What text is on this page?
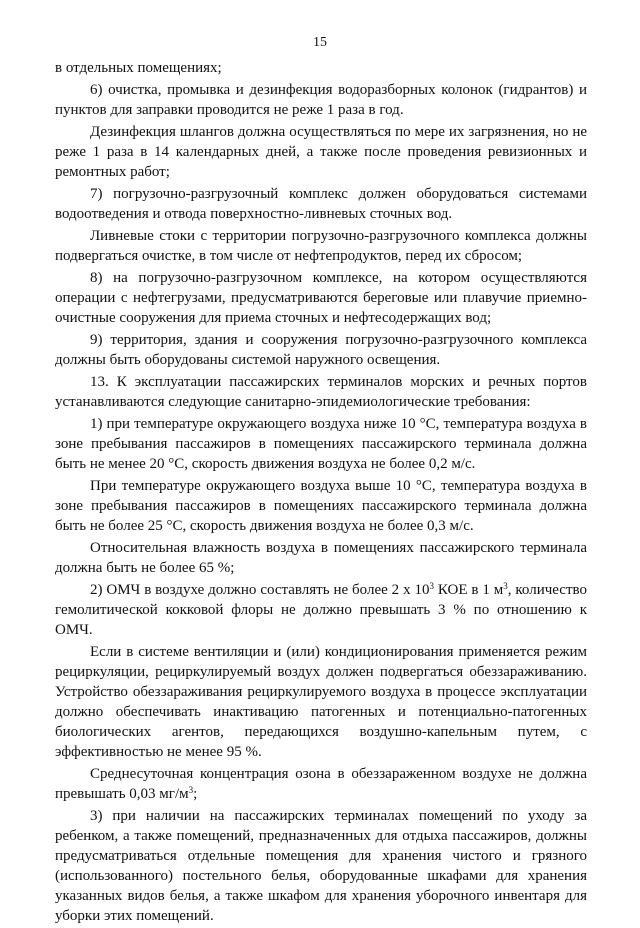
15

в отдельных помещениях;

6) очистка, промывка и дезинфекция водоразборных колонок (гидрантов) и пунктов для заправки проводится не реже 1 раза в год.

Дезинфекция шлангов должна осуществляться по мере их загрязнения, но не реже 1 раза в 14 календарных дней, а также после проведения ревизионных и ремонтных работ;

7) погрузочно-разгрузочный комплекс должен оборудоваться системами водоотведения и отвода поверхностно-ливневых сточных вод.

Ливневые стоки с территории погрузочно-разгрузочного комплекса должны подвергаться очистке, в том числе от нефтепродуктов, перед их сбросом;

8) на погрузочно-разгрузочном комплексе, на котором осуществляются операции с нефтегрузами, предусматриваются береговые или плавучие приемно-очистные сооружения для приема сточных и нефтесодержащих вод;

9) территория, здания и сооружения погрузочно-разгрузочного комплекса должны быть оборудованы системой наружного освещения.

13. К эксплуатации пассажирских терминалов морских и речных портов устанавливаются следующие санитарно-эпидемиологические требования:

1) при температуре окружающего воздуха ниже 10 °С, температура воздуха в зоне пребывания пассажиров в помещениях пассажирского терминала должна быть не менее 20 °С, скорость движения воздуха не более 0,2 м/с.

При температуре окружающего воздуха выше 10 °С, температура воздуха в зоне пребывания пассажиров в помещениях пассажирского терминала должна быть не более 25 °С, скорость движения воздуха не более 0,3 м/с.

Относительная влажность воздуха в помещениях пассажирского терминала должна быть не более 65 %;

2) ОМЧ в воздухе должно составлять не более 2 х $10^3$ КОЕ в 1 $м^3$, количество гемолитической кокковой флоры не должно превышать 3 % по отношению к ОМЧ.

Если в системе вентиляции и (или) кондиционирования применяется режим рециркуляции, рециркулируемый воздух должен подвергаться обеззараживанию. Устройство обеззараживания рециркулируемого воздуха в процессе эксплуатации должно обеспечивать инактивацию патогенных и потенциально-патогенных биологических агентов, передающихся воздушно-капельным путем, с эффективностью не менее 95 %.

Среднесуточная концентрация озона в обеззараженном воздухе не должна превышать 0,03 $мг/м^3$;

3) при наличии на пассажирских терминалах помещений по уходу за ребенком, а также помещений, предназначенных для отдыха пассажиров, должны предусматриваться отдельные помещения для хранения чистого и грязного (использованного) постельного белья, оборудованные шкафами для хранения указанных видов белья, а также шкафом для хранения уборочного инвентаря для уборки этих помещений.
